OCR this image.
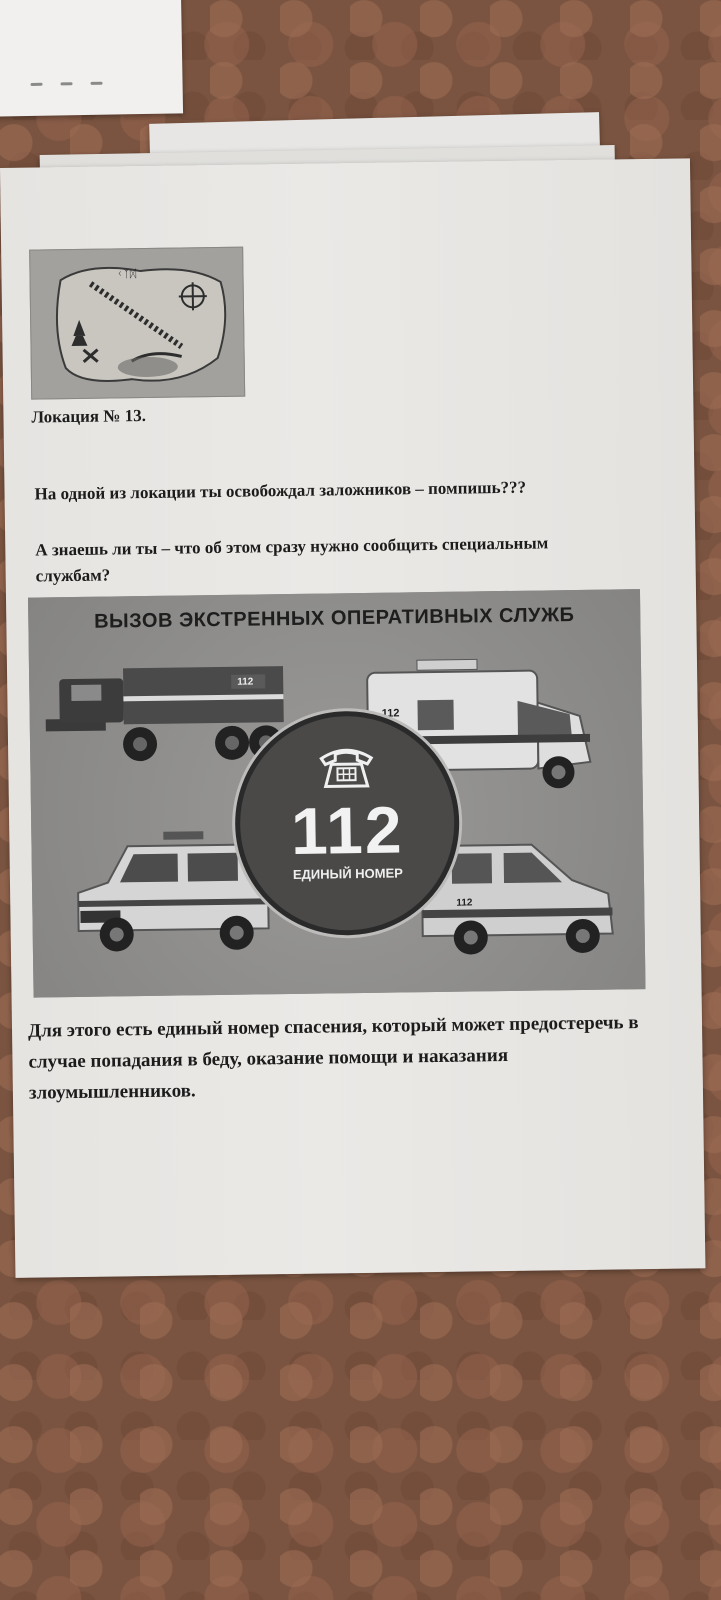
ᚲᛉᛞ
Локация № 13.
На одной из локации ты освобождал заложников – помпишь???
А знаешь ли ты – что об этом сразу нужно сообщить специальным службам?
ВЫЗОВ ЭКСТРЕННЫХ ОПЕРАТИВНЫХ СЛУЖБ
112
112
112
112
ЕДИНЫЙ НОМЕР
Для этого есть единый номер спасения, который может предостеречь в случае попадания в беду, оказание помощи и наказания злоумышленников.
